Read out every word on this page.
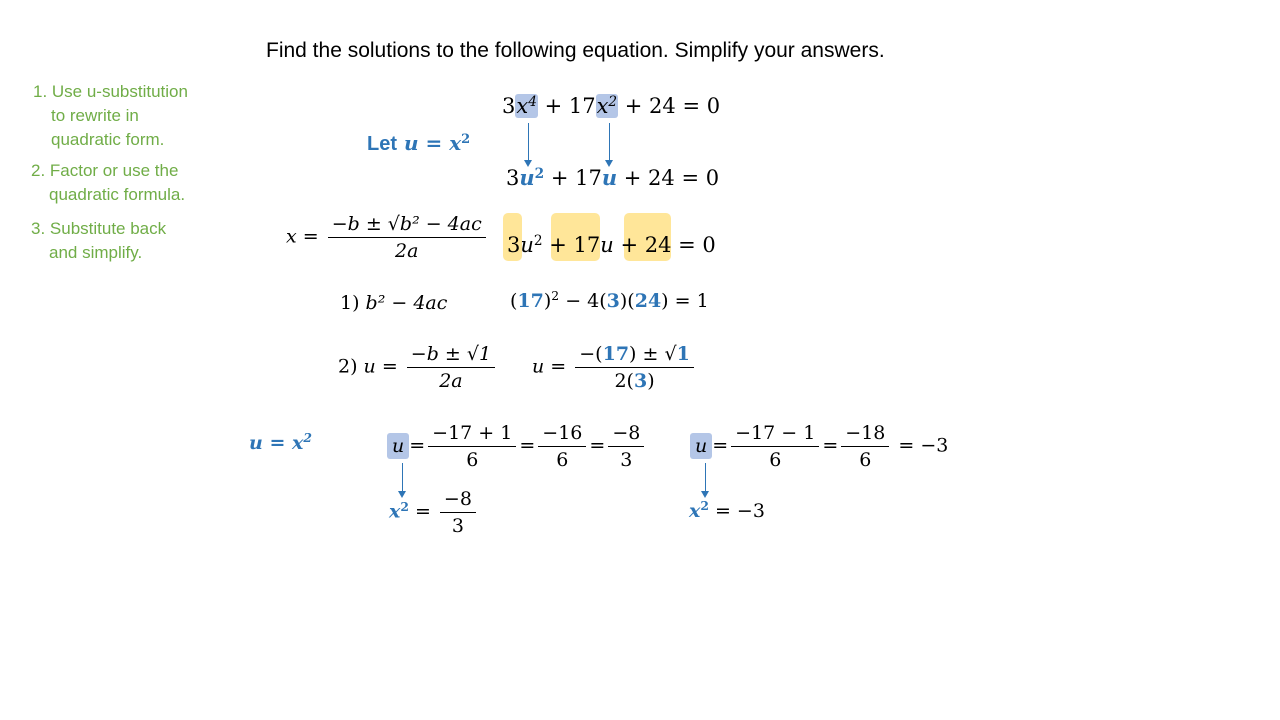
Find the solutions to the following equation. Simplify your answers.
1. Use u-substitution
to rewrite in
quadratic form.
2. Factor or use the
quadratic formula.
3. Substitute back
and simplify.
Let $u = x^2$
$3x^4 + 17x^2 + 24 = 0$
$3u^2 + 17u + 24 = 0$
$x = \frac{\text{−b ± √b² − 4ac}}{2a} 3u^2 + 17u + 24 = 0$
1) b² − 4ac	$(17)^2 - 4(3)(24) = 1$
2) $u = \frac{-b \pm √1}{2a}$ $u = \frac{-(17) \pm √1}{2(3)}$
$u = x^2$	$u = \frac{-17 + 1}{6} = \frac{-16}{6} = \frac{-8}{3}$
$x^2 = \frac{-8}{3}$
$u = \frac{-17 - 1}{6} = \frac{-18}{6} = -3$
$x^2 = -3$
